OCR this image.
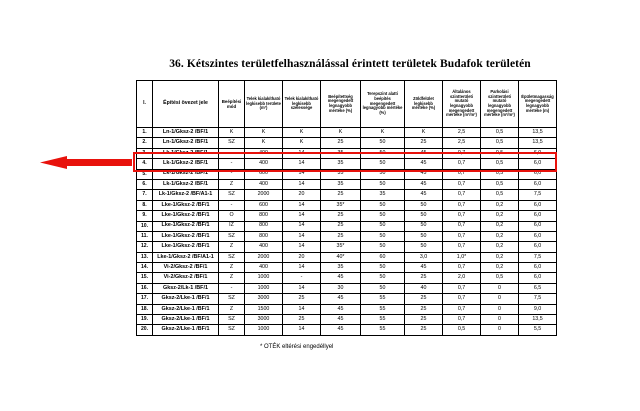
36. Kétszintes területfelhasználással érintett területek Budafok területén
l.	Építési övezet jele	Beépítési mód	Telek kialakítható legkisebb területe (m²)	Telek kialakítható legkisebb szélessége	Beépítettség megengedett legnagyobb mértéke (%)	Terepszint alatti beépítés megengedett legnagyobb mértéke (%)	Zöldfelület legkisebb mértéke (%)	Általános szintterületi mutató legnagyobb megengedett mértéke (m²/m²)	Parkolási szintterületi mutató legnagyobb megengedett mértéke (m²/m²)	Épületmagasság megengedett legnagyobb mértéke (m)
1.	Ln-1/Gksz-2 /BF/1	K	K	K	K	K	K	2,5	0,5	13,5
2.	Ln-1/Gksz-2 /BF/1	SZ	K	K	25	50	25	2,5	0,5	13,5
3.	Lk-1/Gksz-2 /BF/1	-	400	14	35	50	45	0,7	0,5	6,0
4.	Lk-1/Gksz-2 /BF/1	-	400	14	35	50	45	0,7	0,5	6,0
5.	Lk-1/Gksz-2 /BF/1	-	600	14	35	50	45	0,7	0,5	6,0
6.	Lk-1/Gksz-2 /BF/1	Z	400	14	35	50	45	0,7	0,5	6,0
7.	Lk-1/Gksz-2 /BF/A1-1	SZ	2000	20	25	35	45	0,7	0,5	7,5
8.	Lke-1/Gksz-2 /BF/1	-	600	14	35*	50	50	0,7	0,2	6,0
9.	Lke-1/Gksz-2 /BF/1	O	800	14	25	50	50	0,7	0,2	6,0
10.	Lke-1/Gksz-2 /BF/1	IZ	800	14	25	50	50	0,7	0,2	6,0
11.	Lke-1/Gksz-2 /BF/1	SZ	800	14	25	50	50	0,7	0,2	6,0
12.	Lke-1/Gksz-2 /BF/1	Z	400	14	35*	50	50	0,7	0,2	6,0
13.	Lke-1/Gksz-2 /BF/A1-1	SZ	2000	20	40*	60	3,0	1,0*	0,2	7,5
14.	Vi-2/Gksz-2 /BF/1	Z	400	14	35	50	45	0,7	0,2	6,0
15.	Vi-2/Gksz-2 /BF/1	Z	1000	-	45	50	25	2,0	0,5	6,0
16.	Gksz-2/Lk-1 /BF/1	-	1000	14	30	50	40	0,7	0	6,5
17.	Gksz-2/Lke-1 /BF/1	SZ	3000	25	45	55	25	0,7	0	7,5
18.	Gksz-2/Lke-1 /BF/1	Z	1500	14	45	55	25	0,7	0	9,0
19.	Gksz-2/Lke-1 /BF/1	SZ	3000	25	45	55	25	0,7	0	13,5
20.	Gksz-2/Lke-1 /BF/1	SZ	1000	14	45	55	25	0,5	0	5,5
* OTÉK eltérési engedéllyel
